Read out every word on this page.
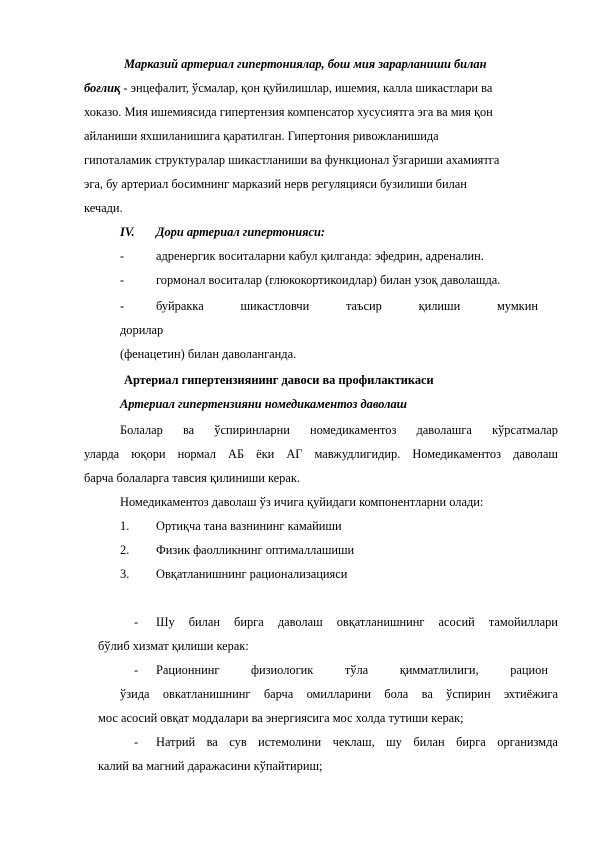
Марказий артериал гипертониялар, бош мия зарарланиши билан
боғлиқ - энцефалит, ўсмалар, қон қуйилишлар, ишемия, калла шикастлари ва
хоказо. Мия ишемиясида гипертензия компенсатор хусусиятга эга ва мия қон
айланиши яхшиланишига қаратилган. Гипертония ривожланишида
гипоталамик структуралар шикастланиши ва функционал ўзгариши ахамиятга
эга, бу артериал босимнинг марказий нерв регуляцияси бузилиши билан
кечади.
IV. Дори артериал гипертонияси:
-	адренергик воситаларни кабул қилганда: эфедрин, адреналин.
-	гормонал воситалар (глюкокортикоидлар) билан узоқ даволашда.
-	буйракка	шикастловчи	таъсир	қилиши	мумкин
дорилар
(фенацетин) билан даволанганда.
Артериал гипертензиянинг давоси ва профилактикаси
Артериал гипертензияни номедикаментоз даволаш
Болалар ва ўспиринларни номедикаментоз даволашга кўрсатмалар
уларда юқори нормал АБ ёки АГ мавжудлигидир. Номедикаментоз даволаш
барча болаларга тавсия қилиниши керак.
Номедикаментоз даволаш ўз ичига қуйидаги компонентларни олади:
1. Ортиқча тана вазнининг камайиши
2. Физик фаолликнинг оптималлашиши
3. Овқатланишнинг рационализацияси
- Шу билан бирга даволаш овқатланишнинг асосий тамойиллари
бўлиб хизмат қилиши керак:
- Рационнинг	физиологик	тўла	қимматлилиги,	рацион
ўзида овкатланишнинг барча омилларини бола ва ўспирин эхтиёжига
мос асосий овқат моддалари ва энергиясига мос холда тутиши керак;
- Натрий ва сув истемолини чеклаш, шу билан бирга организмда
калий ва магний даражасини кўпайтириш;
